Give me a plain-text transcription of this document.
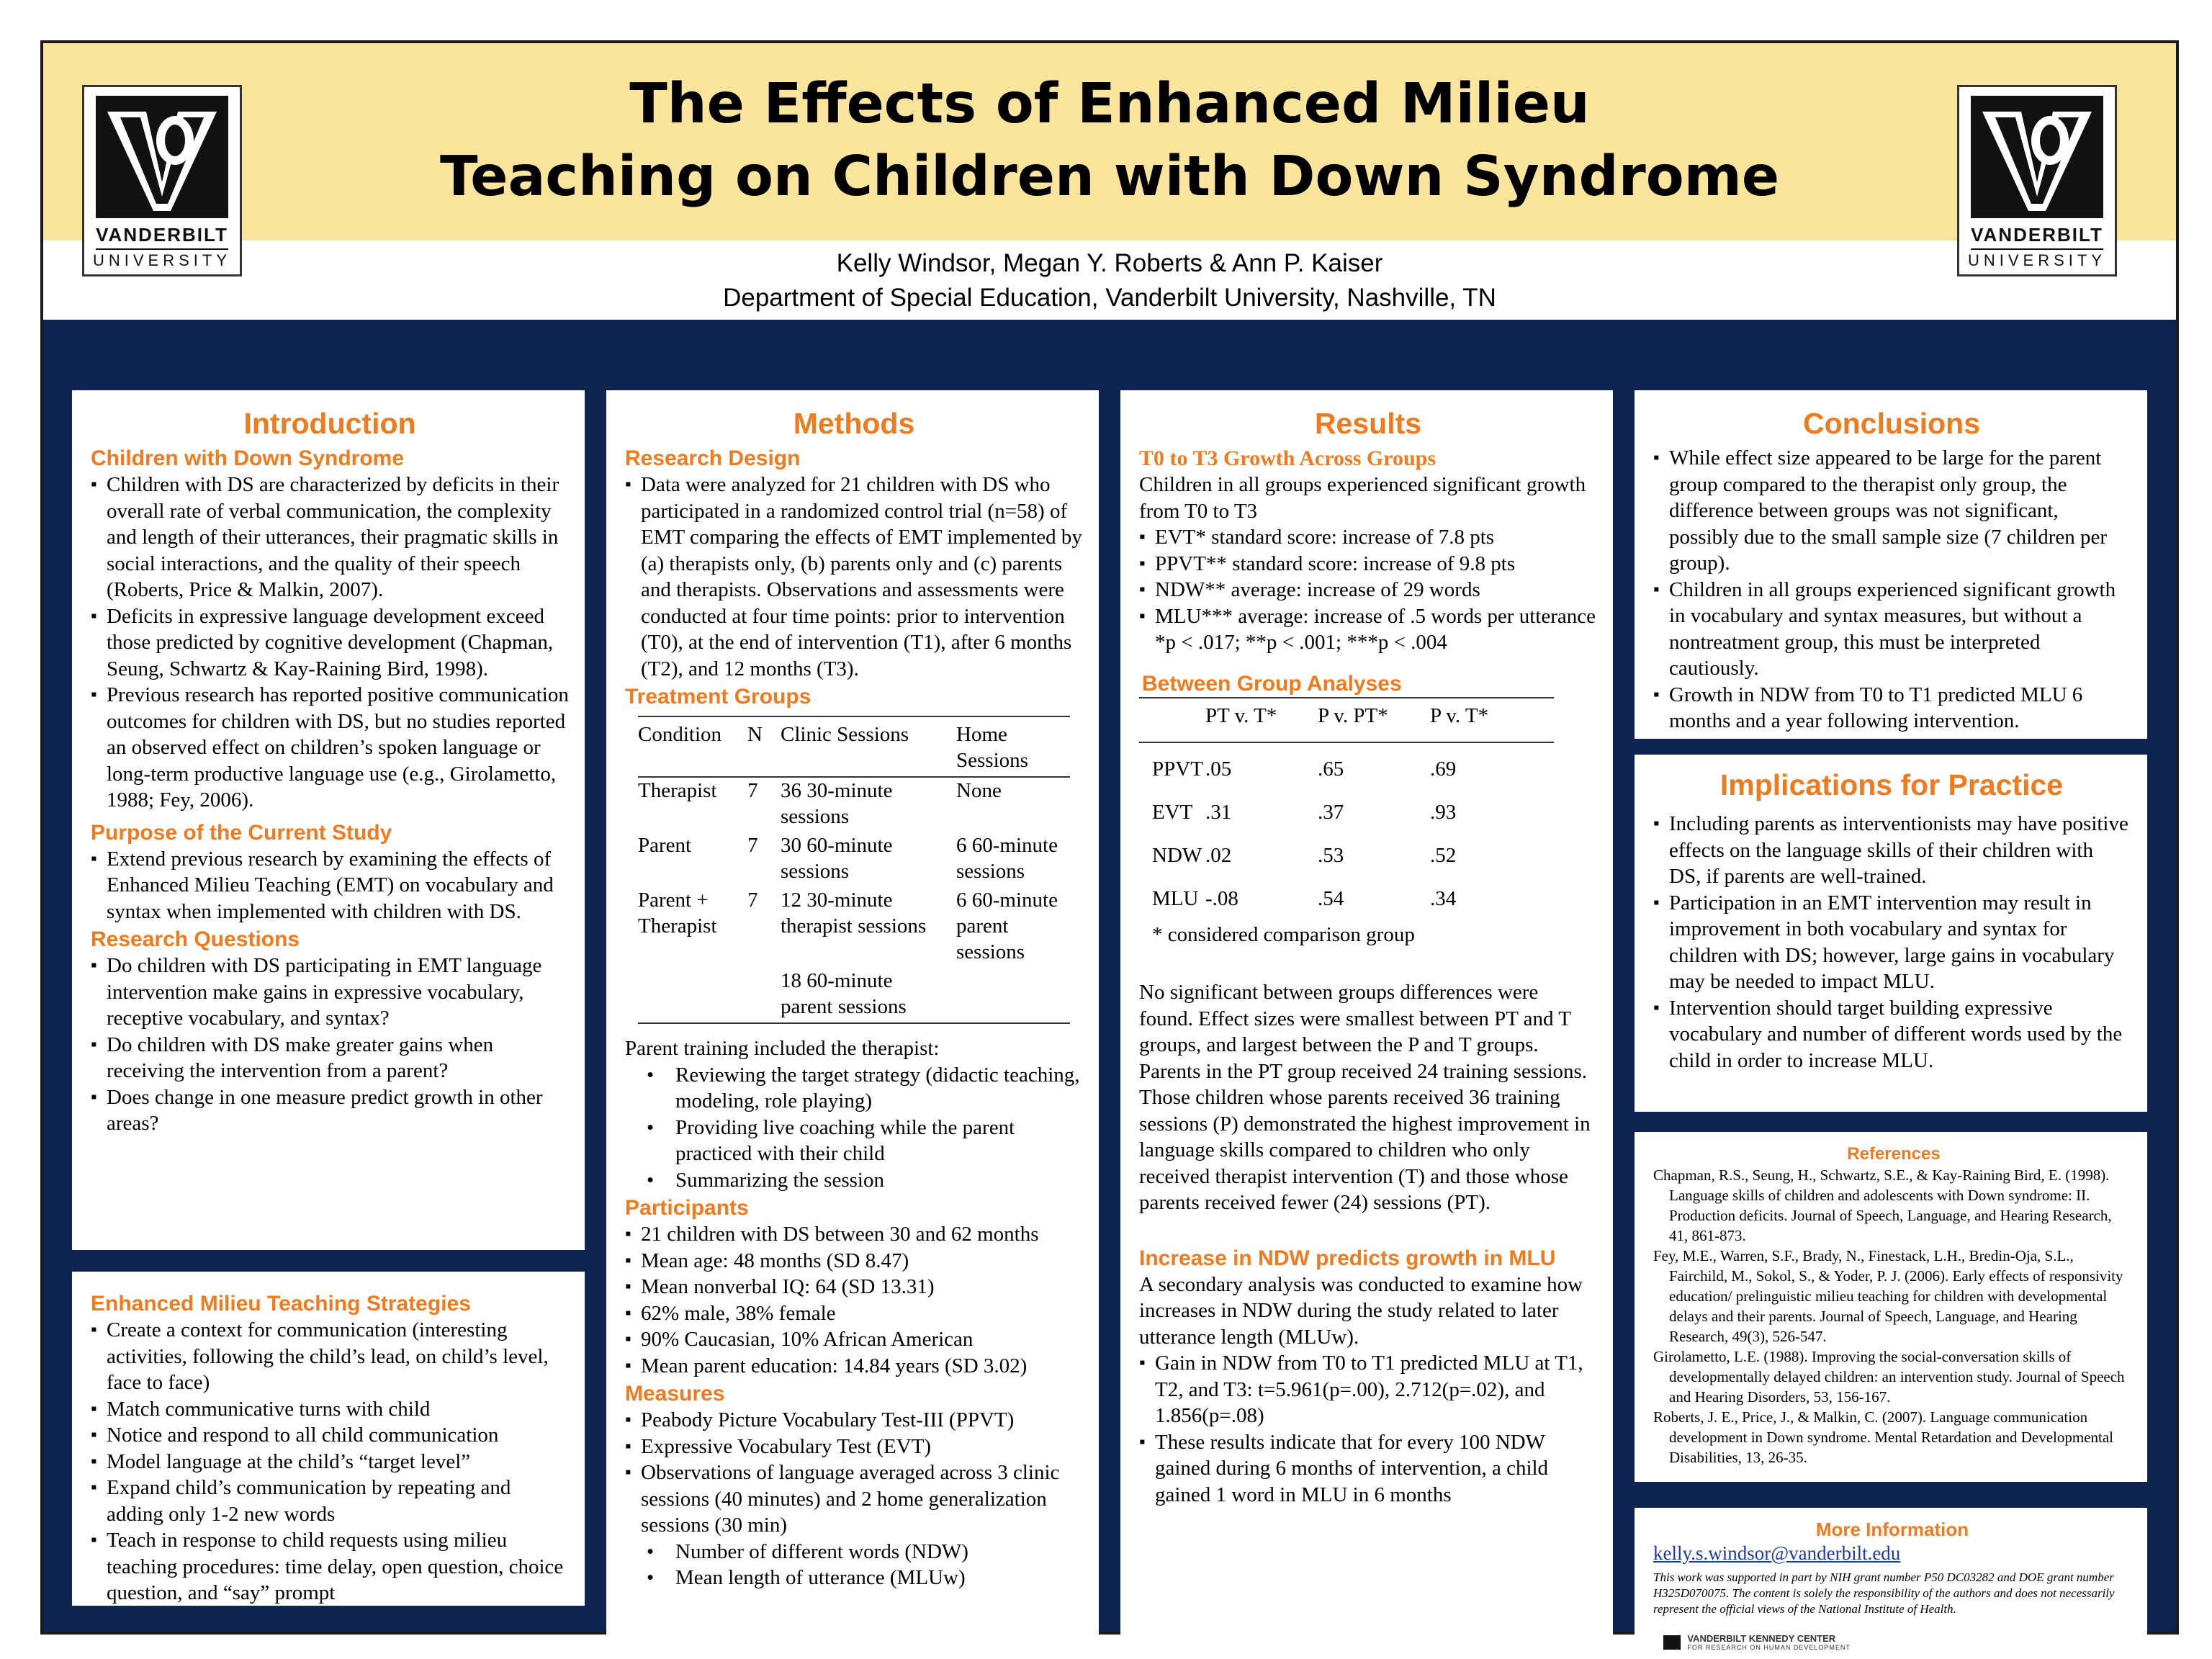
VANDERBILT
UNIVERSITY
VANDERBILT
UNIVERSITY
The Effects of Enhanced Milieu
Teaching on Children with Down Syndrome
Kelly Windsor, Megan Y. Roberts & Ann P. Kaiser
Department of Special Education, Vanderbilt University, Nashville, TN
Introduction
Children with Down Syndrome
▪ Children with DS are characterized by deficits in their overall rate of verbal communication, the complexity and length of their utterances, their pragmatic skills in social interactions, and the quality of their speech (Roberts, Price & Malkin, 2007).
▪ Deficits in expressive language development exceed those predicted by cognitive development (Chapman, Seung, Schwartz & Kay-Raining Bird, 1998).
▪ Previous research has reported positive communication outcomes for children with DS, but no studies reported an observed effect on children’s spoken language or long-term productive language use (e.g., Girolametto, 1988; Fey, 2006).
Purpose of the Current Study
▪ Extend previous research by examining the effects of Enhanced Milieu Teaching (EMT) on vocabulary and syntax when implemented with children with DS.
Research Questions
▪ Do children with DS participating in EMT language intervention make gains in expressive vocabulary, receptive vocabulary, and syntax?
▪ Do children with DS make greater gains when receiving the intervention from a parent?
▪ Does change in one measure predict growth in other areas?
Enhanced Milieu Teaching Strategies
▪ Create a context for communication (interesting activities, following the child’s lead, on child’s level, face to face)
▪ Match communicative turns with child
▪ Notice and respond to all child communication
▪ Model language at the child’s “target level”
▪ Expand child’s communication by repeating and adding only 1-2 new words
▪ Teach in response to child requests using milieu teaching procedures: time delay, open question, choice question, and “say” prompt
Methods
Research Design
▪ Data were analyzed for 21 children with DS who participated in a randomized control trial (n=58) of EMT comparing the effects of EMT implemented by (a) therapists only, (b) parents only and (c) parents and therapists. Observations and assessments were conducted at four time points: prior to intervention (T0), at the end of intervention (T1), after 6 months (T2), and 12 months (T3).
Treatment Groups
Condition	N	Clinic Sessions	Home Sessions
Therapist	7	36 30-minute sessions	None
Parent	7	30 60-minute sessions	6 60-minute sessions
Parent + Therapist	7	12 30-minute therapist sessions	6 60-minute parent sessions
		18 60-minute parent sessions	
Parent training included the therapist:
• Reviewing the target strategy (didactic teaching, modeling, role playing)
• Providing live coaching while the parent practiced with their child
• Summarizing the session
Participants
▪ 21 children with DS between 30 and 62 months
▪ Mean age: 48 months (SD 8.47)
▪ Mean nonverbal IQ: 64 (SD 13.31)
▪ 62% male, 38% female
▪ 90% Caucasian, 10% African American
▪ Mean parent education: 14.84 years (SD 3.02)
Measures
▪ Peabody Picture Vocabulary Test-III (PPVT)
▪ Expressive Vocabulary Test (EVT)
▪ Observations of language averaged across 3 clinic sessions (40 minutes) and 2 home generalization sessions (30 min)
• Number of different words (NDW)
• Mean length of utterance (MLUw)
Results
T0 to T3 Growth Across Groups
Children in all groups experienced significant growth from T0 to T3
▪ EVT* standard score: increase of 7.8 pts
▪ PPVT** standard score: increase of 9.8 pts
▪ NDW** average: increase of 29 words
▪ MLU*** average: increase of .5 words per utterance
*p < .017; **p < .001; ***p < .004
Between Group Analyses
	PT v. T*	P v. PT*	P v. T*
PPVT	.05	.65	.69
EVT	.31	.37	.93
NDW	.02	.53	.52
MLU	-.08	.54	.34
* considered comparison group
No significant between groups differences were found. Effect sizes were smallest between PT and T groups, and largest between the P and T groups. Parents in the PT group received 24 training sessions. Those children whose parents received 36 training sessions (P) demonstrated the highest improvement in language skills compared to children who only received therapist intervention (T) and those whose parents received fewer (24) sessions (PT).
Increase in NDW predicts growth in MLU
A secondary analysis was conducted to examine how increases in NDW during the study related to later utterance length (MLUw).
▪ Gain in NDW from T0 to T1 predicted MLU at T1, T2, and T3: t=5.961(p=.00), 2.712(p=.02), and 1.856(p=.08)
▪ These results indicate that for every 100 NDW gained during 6 months of intervention, a child gained 1 word in MLU in 6 months
Conclusions
▪ While effect size appeared to be large for the parent group compared to the therapist only group, the difference between groups was not significant, possibly due to the small sample size (7 children per group).
▪ Children in all groups experienced significant growth in vocabulary and syntax measures, but without a nontreatment group, this must be interpreted cautiously.
▪ Growth in NDW from T0 to T1 predicted MLU 6 months and a year following intervention.
Implications for Practice
▪ Including parents as interventionists may have positive effects on the language skills of their children with DS, if parents are well-trained.
▪ Participation in an EMT intervention may result in improvement in both vocabulary and syntax for children with DS; however, large gains in vocabulary may be needed to impact MLU.
▪ Intervention should target building expressive vocabulary and number of different words used by the child in order to increase MLU.
References

Chapman, R.S., Seung, H., Schwartz, S.E., & Kay-Raining Bird, E. (1998). Language skills of children and adolescents with Down syndrome: II. Production deficits. Journal of Speech, Language, and Hearing Research, 41, 861-873.

Fey, M.E., Warren, S.F., Brady, N., Finestack, L.H., Bredin-Oja, S.L., Fairchild, M., Sokol, S., & Yoder, P. J. (2006). Early effects of responsivity education/ prelinguistic milieu teaching for children with developmental delays and their parents. Journal of Speech, Language, and Hearing Research, 49(3), 526-547.

Girolametto, L.E. (1988). Improving the social-conversation skills of developmentally delayed children: an intervention study. Journal of Speech and Hearing Disorders, 53, 156-167.

Roberts, J. E., Price, J., & Malkin, C. (2007). Language communication development in Down syndrome. Mental Retardation and Developmental Disabilities, 13, 26-35.

More Information
kelly.s.windsor@vanderbilt.edu
This work was supported in part by NIH grant number P50 DC03282 and DOE grant number H325D070075. The content is solely the responsibility of the authors and does not necessarily represent the official views of the National Institute of Health.

VANDERBILT KENNEDY CENTER
FOR RESEARCH ON HUMAN DEVELOPMENT
